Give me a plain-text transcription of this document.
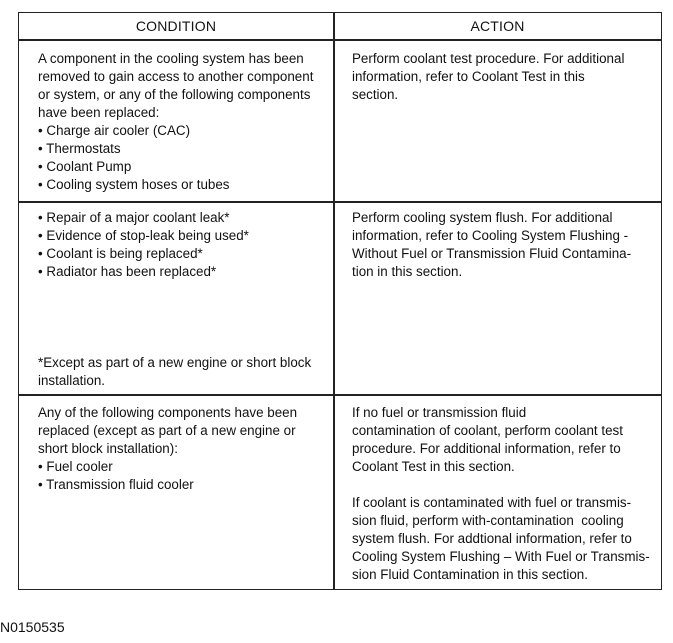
CONDITION	ACTION
A component in the cooling system has been
removed to gain access to another component
or system, or any of the following components
have been replaced:
• Charge air cooler (CAC)
• Thermostats
• Coolant Pump
• Cooling system hoses or tubes
Perform coolant test procedure. For additional
information, refer to Coolant Test in this
section.
• Repair of a major coolant leak*
• Evidence of stop-leak being used*
• Coolant is being replaced*
• Radiator has been replaced*
*Except as part of a new engine or short block
installation.
Perform cooling system flush. For additional
information, refer to Cooling System Flushing -
Without Fuel or Transmission Fluid Contamina-
tion in this section.
Any of the following components have been
replaced (except as part of a new engine or
short block installation):
• Fuel cooler
• Transmission fluid cooler
If no fuel or transmission fluid
contamination of coolant, perform coolant test
procedure. For additional information, refer to
Coolant Test in this section.
If coolant is contaminated with fuel or transmis-
sion fluid, perform with-contamination  cooling
system flush. For addtional information, refer to
Cooling System Flushing – With Fuel or Transmis-
sion Fluid Contamination in this section.
N0150535
